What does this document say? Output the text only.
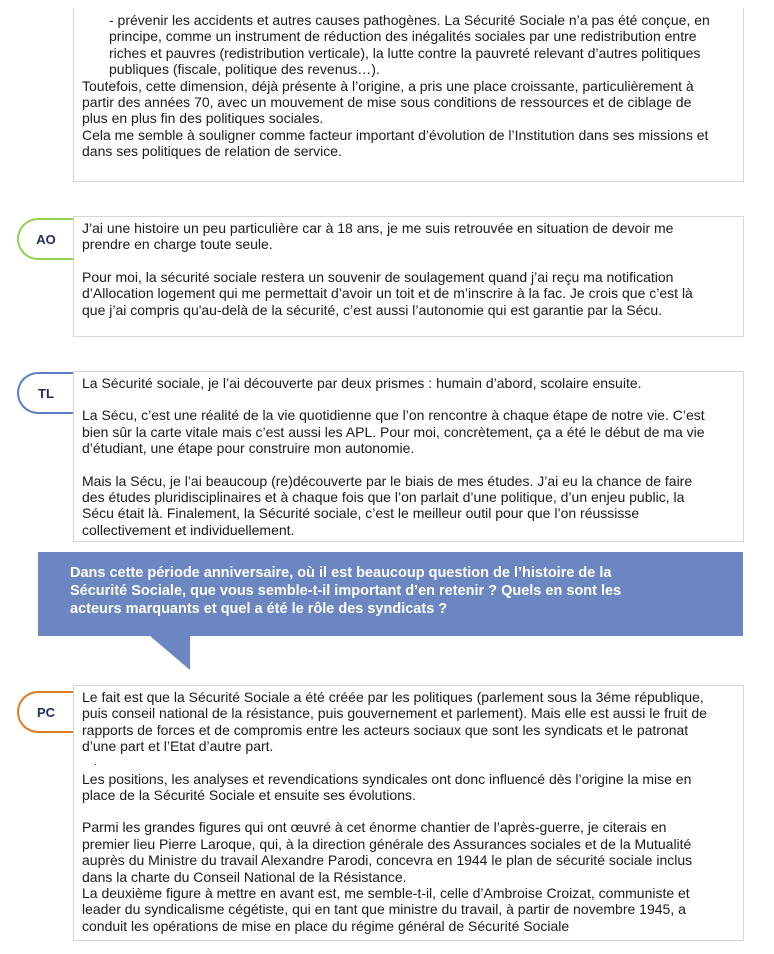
- prévenir les accidents et autres causes pathogènes. La Sécurité Sociale n’a pas été conçue, en

principe, comme un instrument de réduction des inégalités sociales par une redistribution entre

riches et pauvres (redistribution verticale), la lutte contre la pauvreté relevant d’autres politiques

publiques (fiscale, politique des revenus…).

Toutefois, cette dimension, déjà présente à l’origine, a pris une place croissante, particulièrement à

partir des années 70, avec un mouvement de mise sous conditions de ressources et de ciblage de

plus en plus fin des politiques sociales.

Cela me semble à souligner comme facteur important d’évolution de l’Institution dans ses missions et

dans ses politiques de relation de service.

AO

J’ai une histoire un peu particulière car à 18 ans, je me suis retrouvée en situation de devoir me

prendre en charge toute seule.

Pour moi, la sécurité sociale restera un souvenir de soulagement quand j’ai reçu ma notification

d’Allocation logement qui me permettait d’avoir un toit et de m’inscrire à la fac. Je crois que c’est là

que j’ai compris qu'au-delà de la sécurité, c’est aussi l’autonomie qui est garantie par la Sécu.

TL

La Sécurité sociale, je l’ai découverte par deux prismes : humain d’abord, scolaire ensuite.

La Sécu, c’est une réalité de la vie quotidienne que l’on rencontre à chaque étape de notre vie. C’est

bien sûr la carte vitale mais c’est aussi les APL. Pour moi, concrètement, ça a été le début de ma vie

d’étudiant, une étape pour construire mon autonomie.

Mais la Sécu, je l’ai beaucoup (re)découverte par le biais de mes études. J’ai eu la chance de faire

des études pluridisciplinaires et à chaque fois que l’on parlait d’une politique, d’un enjeu public, la

Sécu était là. Finalement, la Sécurité sociale, c’est le meilleur outil pour que l’on réussisse

collectivement et individuellement.

Dans cette période anniversaire, où il est beaucoup question de l’histoire de la
Sécurité Sociale, que vous semble-t-il important d’en retenir ? Quels en sont les
acteurs marquants et quel a été le rôle des syndicats ?

PC

Le fait est que la Sécurité Sociale a été créée par les politiques (parlement sous la 3éme république,

puis conseil national de la résistance, puis gouvernement et parlement). Mais elle est aussi le fruit de

rapports de forces et de compromis entre les acteurs sociaux que sont les syndicats et le patronat

d’une part et l’Etat d’autre part.

.

Les positions, les analyses et revendications syndicales ont donc influencé dès l’origine la mise en

place de la Sécurité Sociale et ensuite ses évolutions.

Parmi les grandes figures qui ont œuvré à cet énorme chantier de l’après-guerre, je citerais en

premier lieu Pierre Laroque, qui, à la direction générale des Assurances sociales et de la Mutualité

auprès du Ministre du travail Alexandre Parodi, concevra en 1944 le plan de sécurité sociale inclus

dans la charte du Conseil National de la Résistance.

La deuxième figure à mettre en avant est, me semble-t-il, celle d’Ambroise Croizat, communiste et

leader du syndicalisme cégétiste, qui en tant que ministre du travail, à partir de novembre 1945, a

conduit les opérations de mise en place du régime général de Sécurité Sociale
